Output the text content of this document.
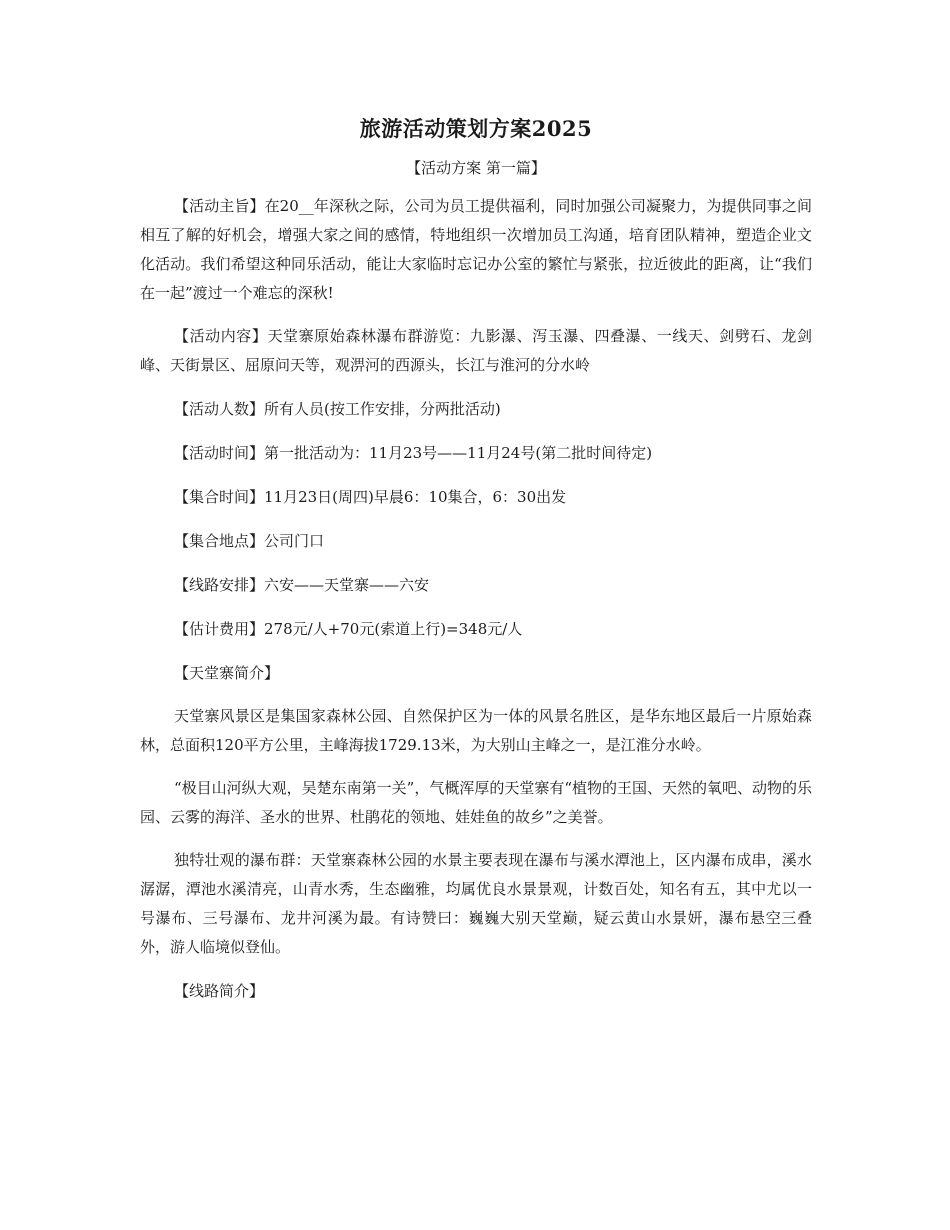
旅游活动策划方案2025

【活动方案 第一篇】

【活动主旨】在20__年深秋之际，公司为员工提供福利，同时加强公司凝聚力，为提供同事之间相互了解的好机会，增强大家之间的感情，特地组织一次增加员工沟通，培育团队精神，塑造企业文化活动。我们希望这种同乐活动，能让大家临时忘记办公室的繁忙与紧张，拉近彼此的距离，让“我们在一起”渡过一个难忘的深秋!

【活动内容】天堂寨原始森林瀑布群游览：九影瀑、泻玉瀑、四叠瀑、一线天、剑劈石、龙剑峰、天街景区、屈原问天等，观淠河的西源头，长江与淮河的分水岭

【活动人数】所有人员(按工作安排，分两批活动)

【活动时间】第一批活动为：11月23号——11月24号(第二批时间待定)

【集合时间】11月23日(周四)早晨6：10集合，6：30出发

【集合地点】公司门口

【线路安排】六安——天堂寨——六安

【估计费用】278元/人+70元(索道上行)=348元/人

【天堂寨简介】

天堂寨风景区是集国家森林公园、自然保护区为一体的风景名胜区，是华东地区最后一片原始森林，总面积120平方公里，主峰海拔1729.13米，为大别山主峰之一，是江淮分水岭。

“极目山河纵大观，吴楚东南第一关”，气概浑厚的天堂寨有“植物的王国、天然的氧吧、动物的乐园、云雾的海洋、圣水的世界、杜鹃花的领地、娃娃鱼的故乡”之美誉。

独特壮观的瀑布群：天堂寨森林公园的水景主要表现在瀑布与溪水潭池上，区内瀑布成串，溪水潺潺，潭池水溪清亮，山青水秀，生态幽雅，均属优良水景景观，计数百处，知名有五，其中尤以一号瀑布、三号瀑布、龙井河溪为最。有诗赞曰：巍巍大别天堂巅，疑云黄山水景妍，瀑布悬空三叠外，游人临境似登仙。

【线路简介】
